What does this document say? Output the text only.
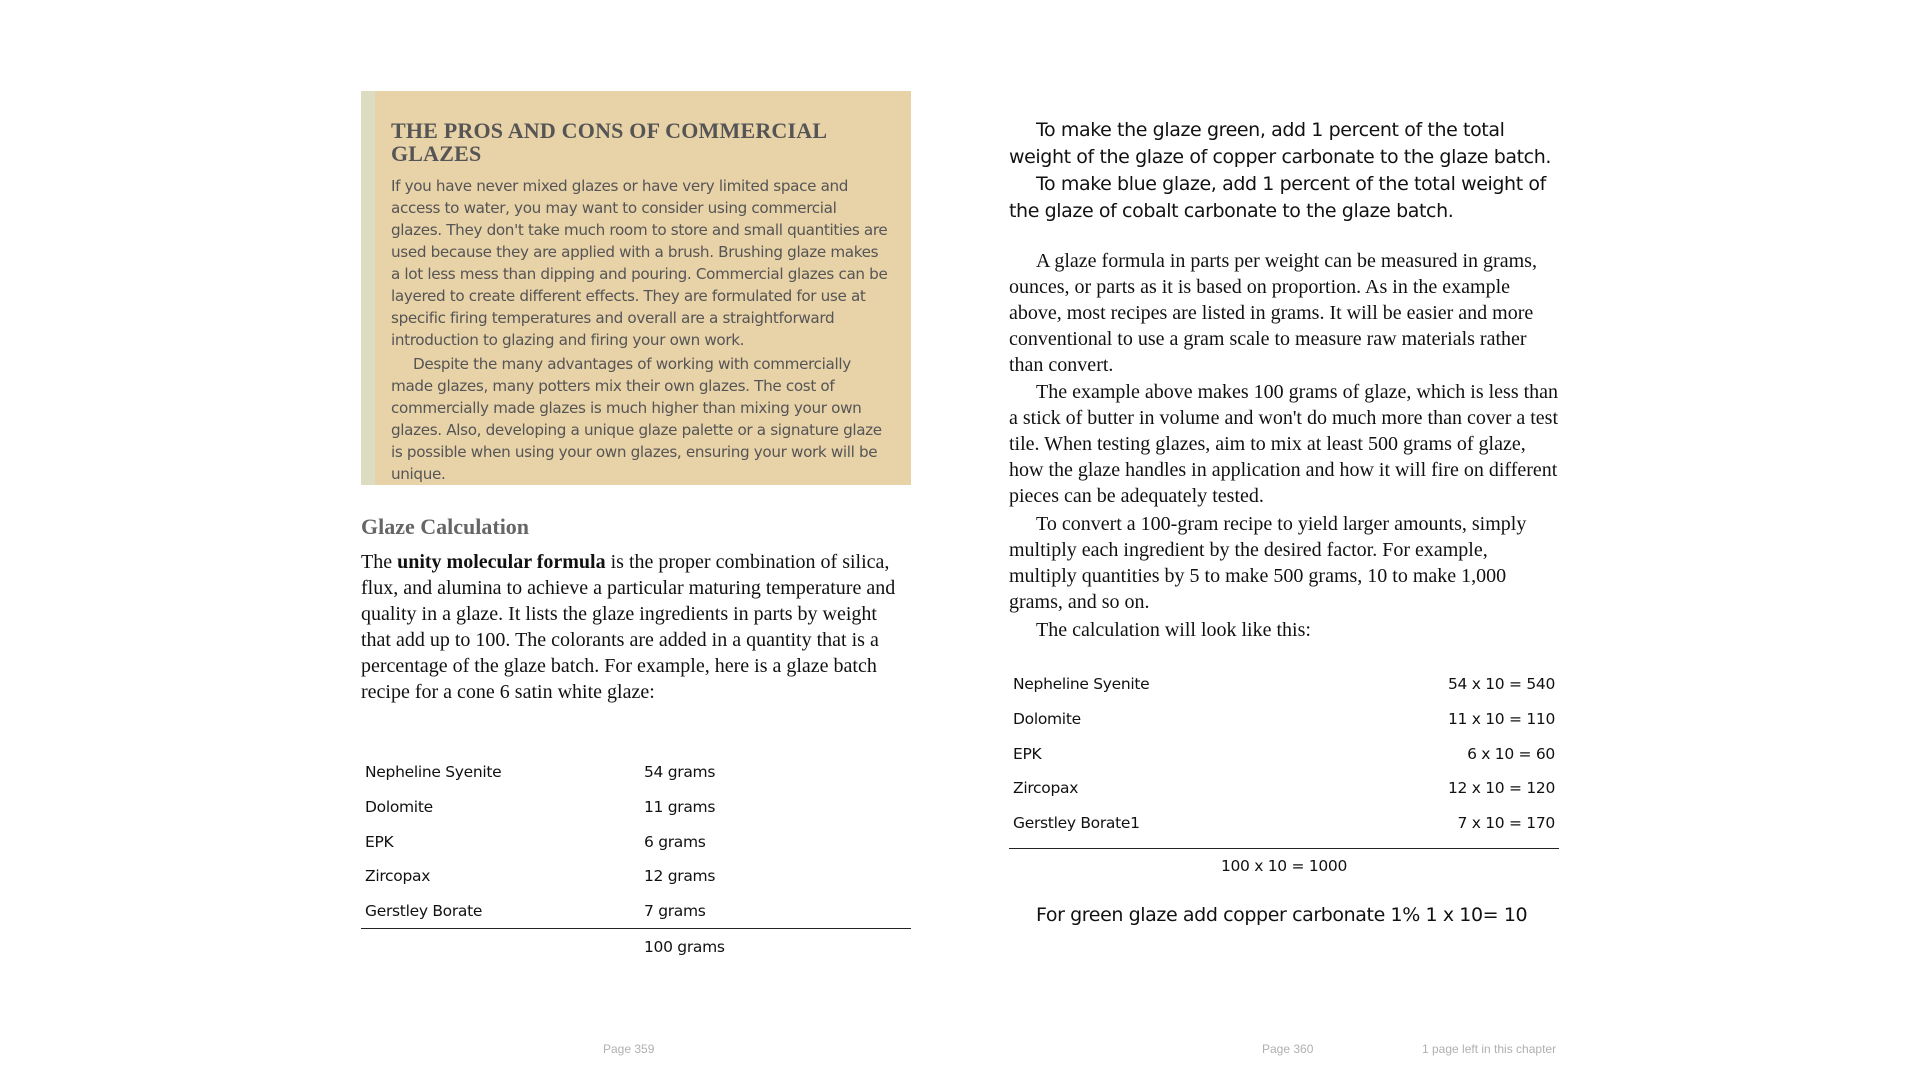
THE PROS AND CONS OF COMMERCIAL GLAZES

If you have never mixed glazes or have very limited space and access to water, you may want to consider using commercial glazes. They don't take much room to store and small quantities are used because they are applied with a brush. Brushing glaze makes a lot less mess than dipping and pouring. Commercial glazes can be layered to create different effects. They are formulated for use at specific firing temperatures and overall are a straightforward introduction to glazing and firing your own work.

Despite the many advantages of working with commercially made glazes, many potters mix their own glazes. The cost of commercially made glazes is much higher than mixing your own glazes. Also, developing a unique glaze palette or a signature glaze is possible when using your own glazes, ensuring your work will be unique.

Glaze Calculation

The unity molecular formula is the proper combination of silica, flux, and alumina to achieve a particular maturing temperature and quality in a glaze. It lists the glaze ingredients in parts by weight that add up to 100. The colorants are added in a quantity that is a percentage of the glaze batch. For example, here is a glaze batch recipe for a cone 6 satin white glaze:

Nepheline Syenite	54 grams
Dolomite	11 grams
EPK	6 grams
Zircopax	12 grams
Gerstley Borate	7 grams
	100 grams

To make the glaze green, add 1 percent of the total weight of the glaze of copper carbonate to the glaze batch.

To make blue glaze, add 1 percent of the total weight of the glaze of cobalt carbonate to the glaze batch.

A glaze formula in parts per weight can be measured in grams, ounces, or parts as it is based on proportion. As in the example above, most recipes are listed in grams. It will be easier and more conventional to use a gram scale to measure raw materials rather than convert.

The example above makes 100 grams of glaze, which is less than a stick of butter in volume and won't do much more than cover a test tile. When testing glazes, aim to mix at least 500 grams of glaze, how the glaze handles in application and how it will fire on different pieces can be adequately tested.

To convert a 100-gram recipe to yield larger amounts, simply multiply each ingredient by the desired factor. For example, multiply quantities by 5 to make 500 grams, 10 to make 1,000 grams, and so on.

The calculation will look like this:

Nepheline Syenite	54 x 10 = 540
Dolomite	11 x 10 = 110
EPK	6 x 10 = 60
Zircopax	12 x 10 = 120
Gerstley Borate1	7 x 10 = 170
100 x 10 = 1000
For green glaze add copper carbonate 1% 1 x 10= 10
Page 359	Page 360	1 page left in this chapter
